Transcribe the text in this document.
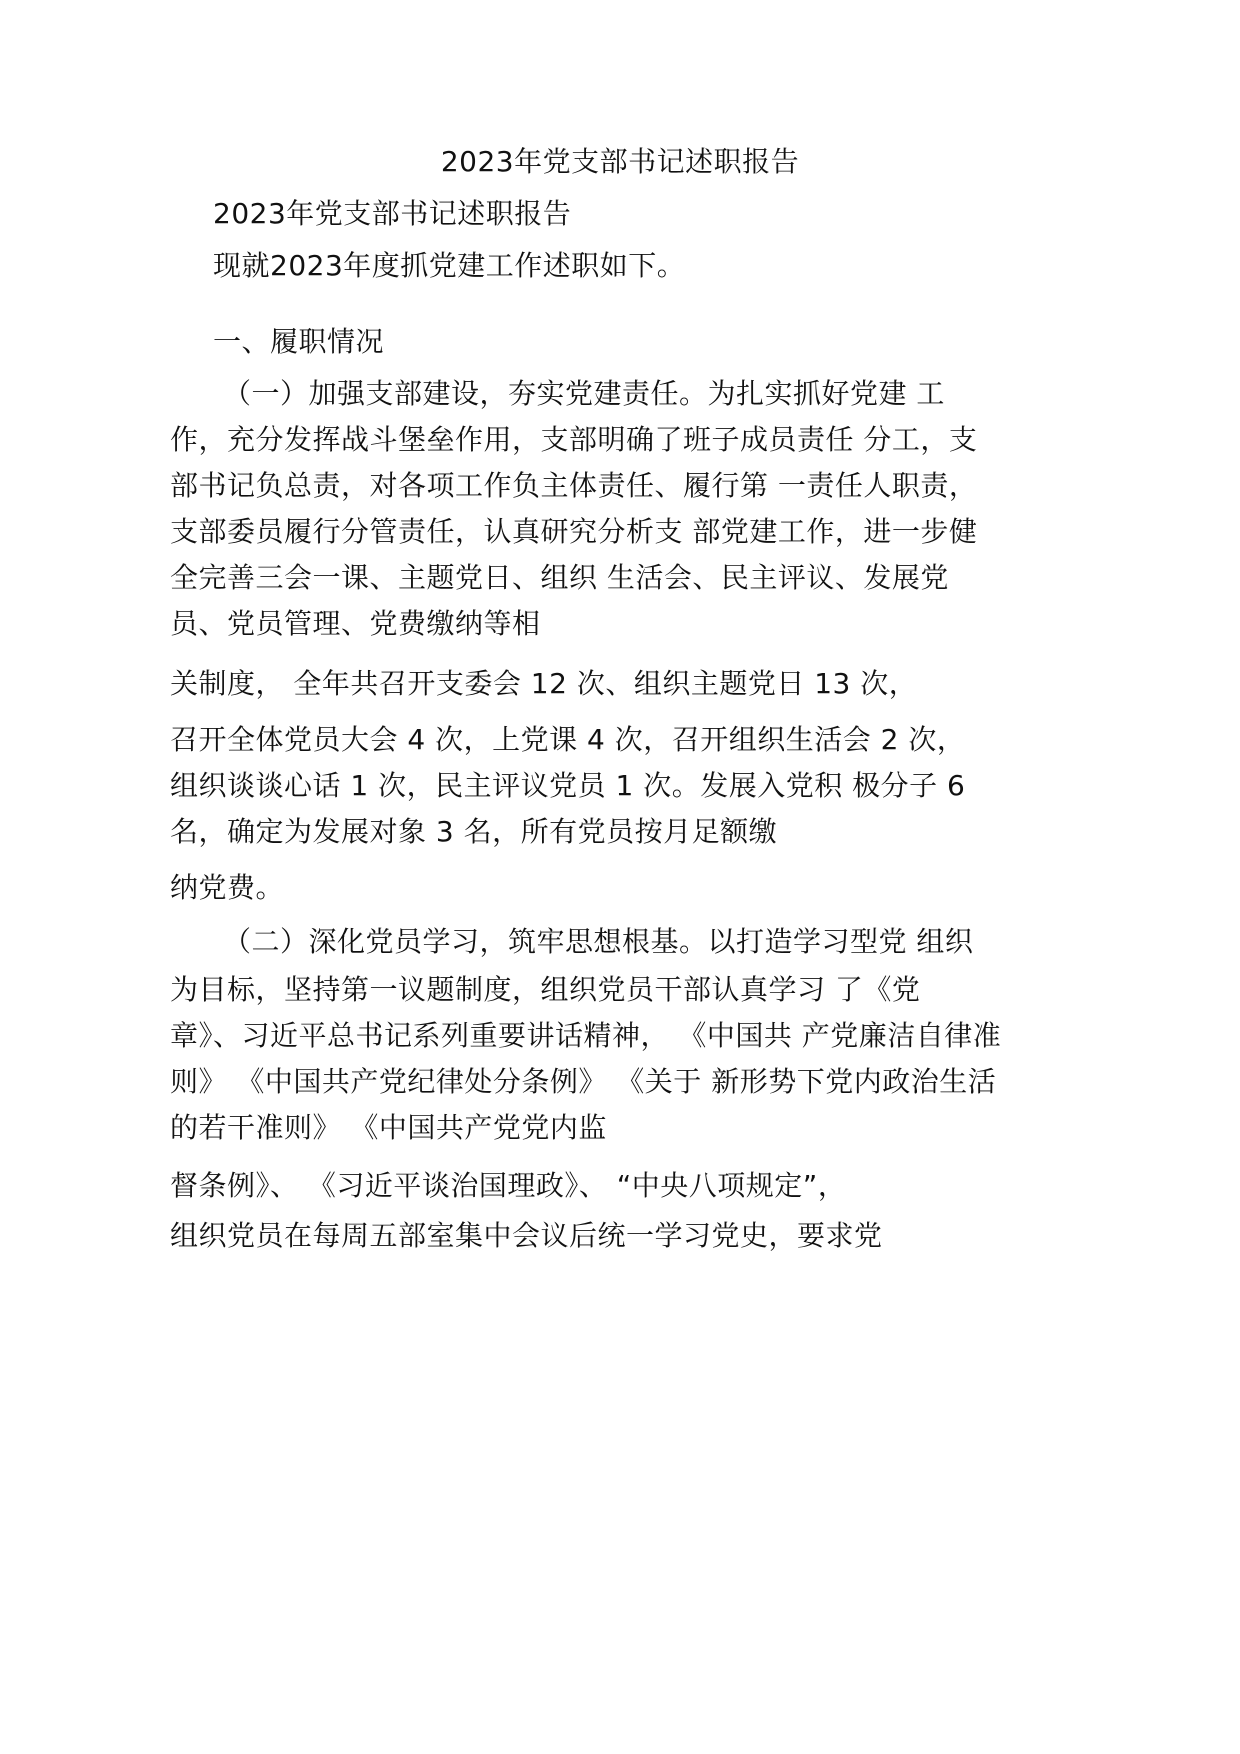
2023年党支部书记述职报告
2023年党支部书记述职报告
现就2023年度抓党建工作述职如下。
一、履职情况
（一）加强支部建设，夯实党建责任。为扎实抓好党建 工
作，充分发挥战斗堡垒作用，支部明确了班子成员责任 分工，支
部书记负总责，对各项工作负主体责任、履行第 一责任人职责，
支部委员履行分管责任，认真研究分析支 部党建工作，进一步健
全完善三会一课、主题党日、组织 生活会、民主评议、发展党
员、党员管理、党费缴纳等相
关制度， 全年共召开支委会 12 次、组织主题党日 13 次，
召开全体党员大会 4 次，上党课 4 次，召开组织生活会 2 次，
组织谈谈心话 1 次，民主评议党员 1 次。发展入党积 极分子 6
名，确定为发展对象 3 名，所有党员按月足额缴
纳党费。
（二）深化党员学习，筑牢思想根基。以打造学习型党 组织
为目标，坚持第一议题制度，组织党员干部认真学习 了《党
章》、习近平总书记系列重要讲话精神， 《中国共 产党廉洁自律准
则》 《中国共产党纪律处分条例》 《关于 新形势下党内政治生活
的若干准则》 《中国共产党党内监
督条例》、 《习近平谈治国理政》、 “中央八项规定”，
组织党员在每周五部室集中会议后统一学习党史，要求党
